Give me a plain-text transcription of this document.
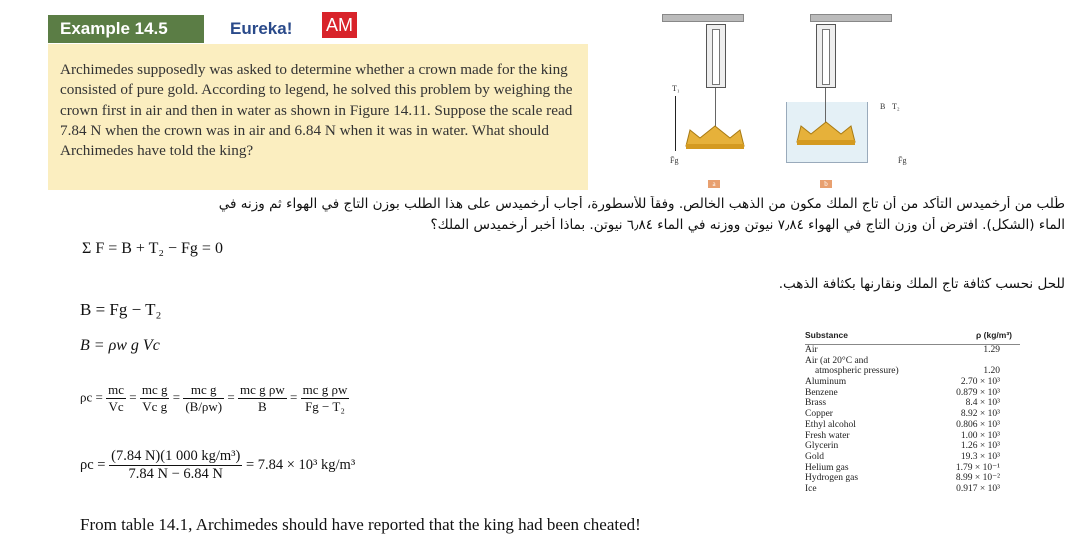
Example 14.5	Eureka! AM
Archimedes supposedly was asked to determine whether a crown made for the king consisted of pure gold. According to legend, he solved this problem by weighing the crown first in air and then in water as shown in Figure 14.11. Suppose the scale read 7.84 N when the crown was in air and 6.84 N when it was in water. What should Archimedes have told the king?
T₁
F̄g
a
B T₂
F̄g
b
طُلب من أرخميدس التأكد من أن تاج الملك مكون من الذهب الخالص. وفقاً للأسطورة، أجاب أرخميدس على هذا الطلب بوزن التاج في الهواء ثم وزنه في
الماء (الشكل). افترض أن وزن التاج في الهواء ٧٫٨٤ نيوتن ووزنه في الماء ٦٫٨٤ نيوتن. بماذا أخبر أرخميدس الملك؟
للحل نحسب كثافة تاج الملك ونقارنها بكثافة الذهب.
Σ F = B + T₂ − Fg = 0
B = Fg − T₂
B = ρw g Vc
$\rho c = \frac{mc}{Vc} = \frac{\text{mc g}}{\text{Vc g}} = \frac{\text{mc g}}{(B/\rho w)} = \frac{\text{mc g ρw}}{B} = \frac{\text{mc g ρw}}{\text{Fg − T₂}}$
$\rho c = \frac{\text{(7.84 N)(1 000 kg/m³)}}{7.84 N - 6.84 N} = 7.84 \times 10^3$ kg/m³
Substance	ρ (kg/m³)
Air	1.29
Air (at 20°C and
atmospheric pressure)	1.20
Aluminum	2.70 × 10³
Benzene	0.879 × 10³
Brass	8.4 × 10³
Copper	8.92 × 10³
Ethyl alcohol	0.806 × 10³
Fresh water	1.00 × 10³
Glycerin	1.26 × 10³
Gold	19.3 × 10³
Helium gas	1.79 × 10⁻¹
Hydrogen gas	8.99 × 10⁻²
Ice	0.917 × 10³
From table 14.1, Archimedes should have reported that the king had been cheated!
